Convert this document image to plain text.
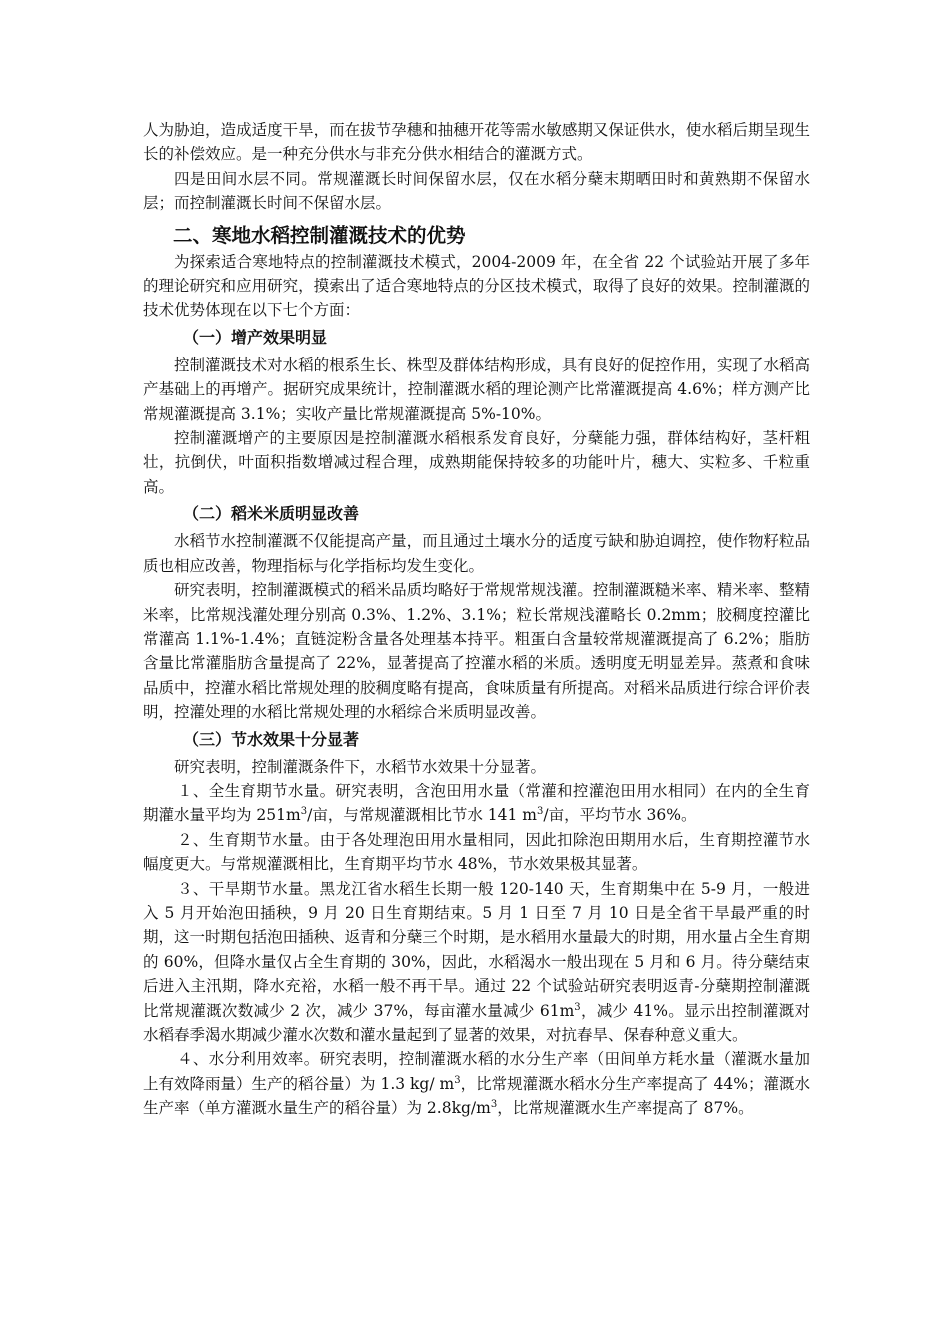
人为胁迫，造成适度干旱，而在拔节孕穗和抽穗开花等需水敏感期又保证供水，使水稻后期呈现生长的补偿效应。是一种充分供水与非充分供水相结合的灌溉方式。

四是田间水层不同。常规灌溉长时间保留水层，仅在水稻分蘖末期晒田时和黄熟期不保留水层；而控制灌溉长时间不保留水层。

二、寒地水稻控制灌溉技术的优势

为探索适合寒地特点的控制灌溉技术模式，2004-2009 年，在全省 22 个试验站开展了多年的理论研究和应用研究，摸索出了适合寒地特点的分区技术模式，取得了良好的效果。控制灌溉的技术优势体现在以下七个方面：

（一）增产效果明显

控制灌溉技术对水稻的根系生长、株型及群体结构形成，具有良好的促控作用，实现了水稻高产基础上的再增产。据研究成果统计，控制灌溉水稻的理论测产比常灌溉提高 4.6%；样方测产比常规灌溉提高 3.1%；实收产量比常规灌溉提高 5%-10%。

控制灌溉增产的主要原因是控制灌溉水稻根系发育良好，分蘖能力强，群体结构好，茎杆粗壮，抗倒伏，叶面积指数增减过程合理，成熟期能保持较多的功能叶片，穗大、实粒多、千粒重高。

（二）稻米米质明显改善

水稻节水控制灌溉不仅能提高产量，而且通过土壤水分的适度亏缺和胁迫调控，使作物籽粒品质也相应改善，物理指标与化学指标均发生变化。

研究表明，控制灌溉模式的稻米品质均略好于常规常规浅灌。控制灌溉糙米率、精米率、整精米率，比常规浅灌处理分别高 0.3%、1.2%、3.1%；粒长常规浅灌略长 0.2mm；胶稠度控灌比常灌高 1.1%-1.4%；直链淀粉含量各处理基本持平。粗蛋白含量较常规灌溉提高了 6.2%；脂肪含量比常灌脂肪含量提高了 22%，显著提高了控灌水稻的米质。透明度无明显差异。蒸煮和食味品质中，控灌水稻比常规处理的胶稠度略有提高，食味质量有所提高。对稻米品质进行综合评价表明，控灌处理的水稻比常规处理的水稻综合米质明显改善。

（三）节水效果十分显著

研究表明，控制灌溉条件下，水稻节水效果十分显著。

１、全生育期节水量。研究表明，含泡田用水量（常灌和控灌泡田用水相同）在内的全生育期灌水量平均为 $251m^3/$亩，与常规灌溉相比节水 141 $m^3/$亩，平均节水 36%。

２、生育期节水量。由于各处理泡田用水量相同，因此扣除泡田期用水后，生育期控灌节水幅度更大。与常规灌溉相比，生育期平均节水 48%，节水效果极其显著。

３、干旱期节水量。黑龙江省水稻生长期一般 120-140 天，生育期集中在 5-9 月，一般进入 5 月开始泡田插秧，9 月 20 日生育期结束。5 月 1 日至 7 月 10 日是全省干旱最严重的时期，这一时期包括泡田插秧、返青和分蘖三个时期，是水稻用水量最大的时期，用水量占全生育期的 60%，但降水量仅占全生育期的 30%，因此，水稻渴水一般出现在 5 月和 6 月。待分蘖结束后进入主汛期，降水充裕，水稻一般不再干旱。通过 22 个试验站研究表明返青-分蘖期控制灌溉比常规灌溉次数减少 2 次，减少 37%，每亩灌水量减少 $61m^3$，减少 41%。显示出控制灌溉对水稻春季渴水期减少灌水次数和灌水量起到了显著的效果，对抗春旱、保春种意义重大。

４、水分利用效率。研究表明，控制灌溉水稻的水分生产率（田间单方耗水量（灌溉水量加上有效降雨量）生产的稻谷量）为 1.3 kg/ $m^3$，比常规灌溉水稻水分生产率提高了 44%；灌溉水生产率（单方灌溉水量生产的稻谷量）为 $2.8kg/m^3$，比常规灌溉水生产率提高了 87%。
